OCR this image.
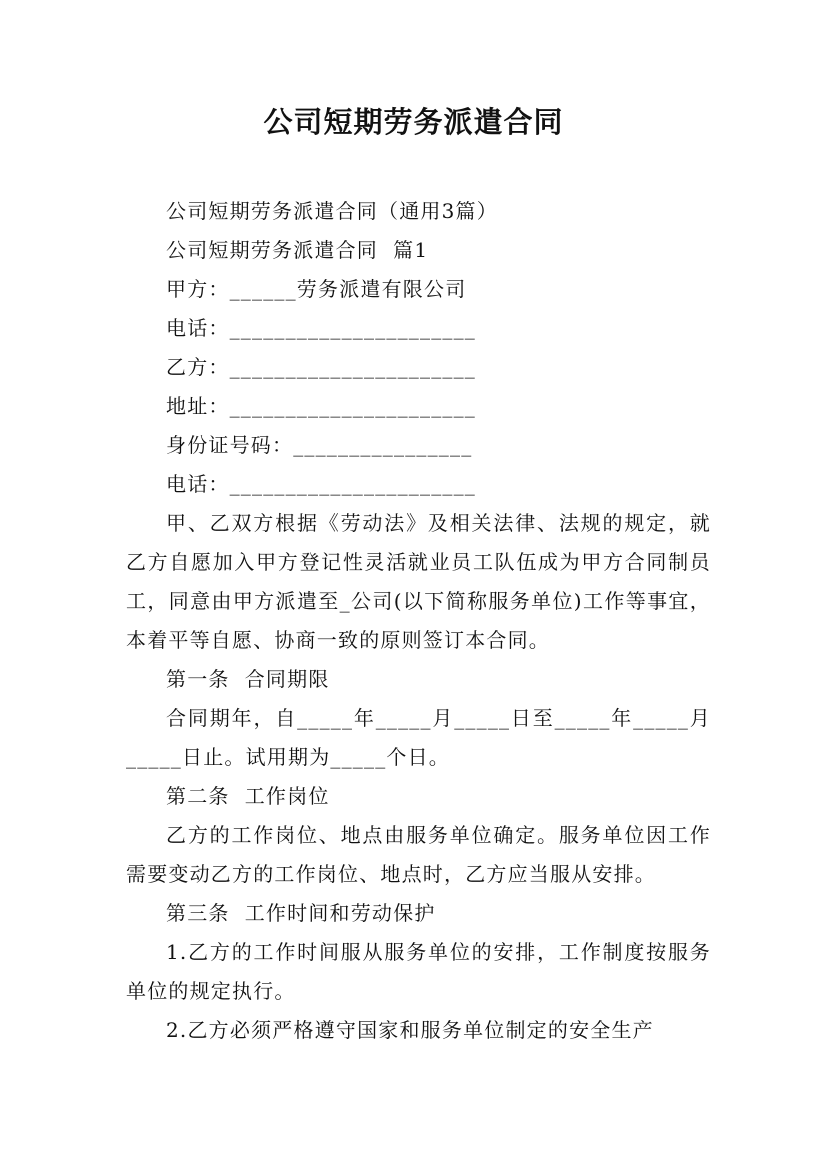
公司短期劳务派遣合同

公司短期劳务派遣合同（通用3篇）

公司短期劳务派遣合同  篇1

甲方：______劳务派遣有限公司

电话：______________________

乙方：______________________

地址：______________________

身份证号码：________________

电话：______________________

甲、乙双方根据《劳动法》及相关法律、法规的规定，就乙方自愿加入甲方登记性灵活就业员工队伍成为甲方合同制员工，同意由甲方派遣至_公司(以下简称服务单位)工作等事宜，本着平等自愿、协商一致的原则签订本合同。

第一条  合同期限

合同期年，自_____年_____月_____日至_____年_____月_____日止。试用期为_____个日。

第二条  工作岗位

乙方的工作岗位、地点由服务单位确定。服务单位因工作需要变动乙方的工作岗位、地点时，乙方应当服从安排。

第三条  工作时间和劳动保护

1.乙方的工作时间服从服务单位的安排，工作制度按服务单位的规定执行。

2.乙方必须严格遵守国家和服务单位制定的安全生产
